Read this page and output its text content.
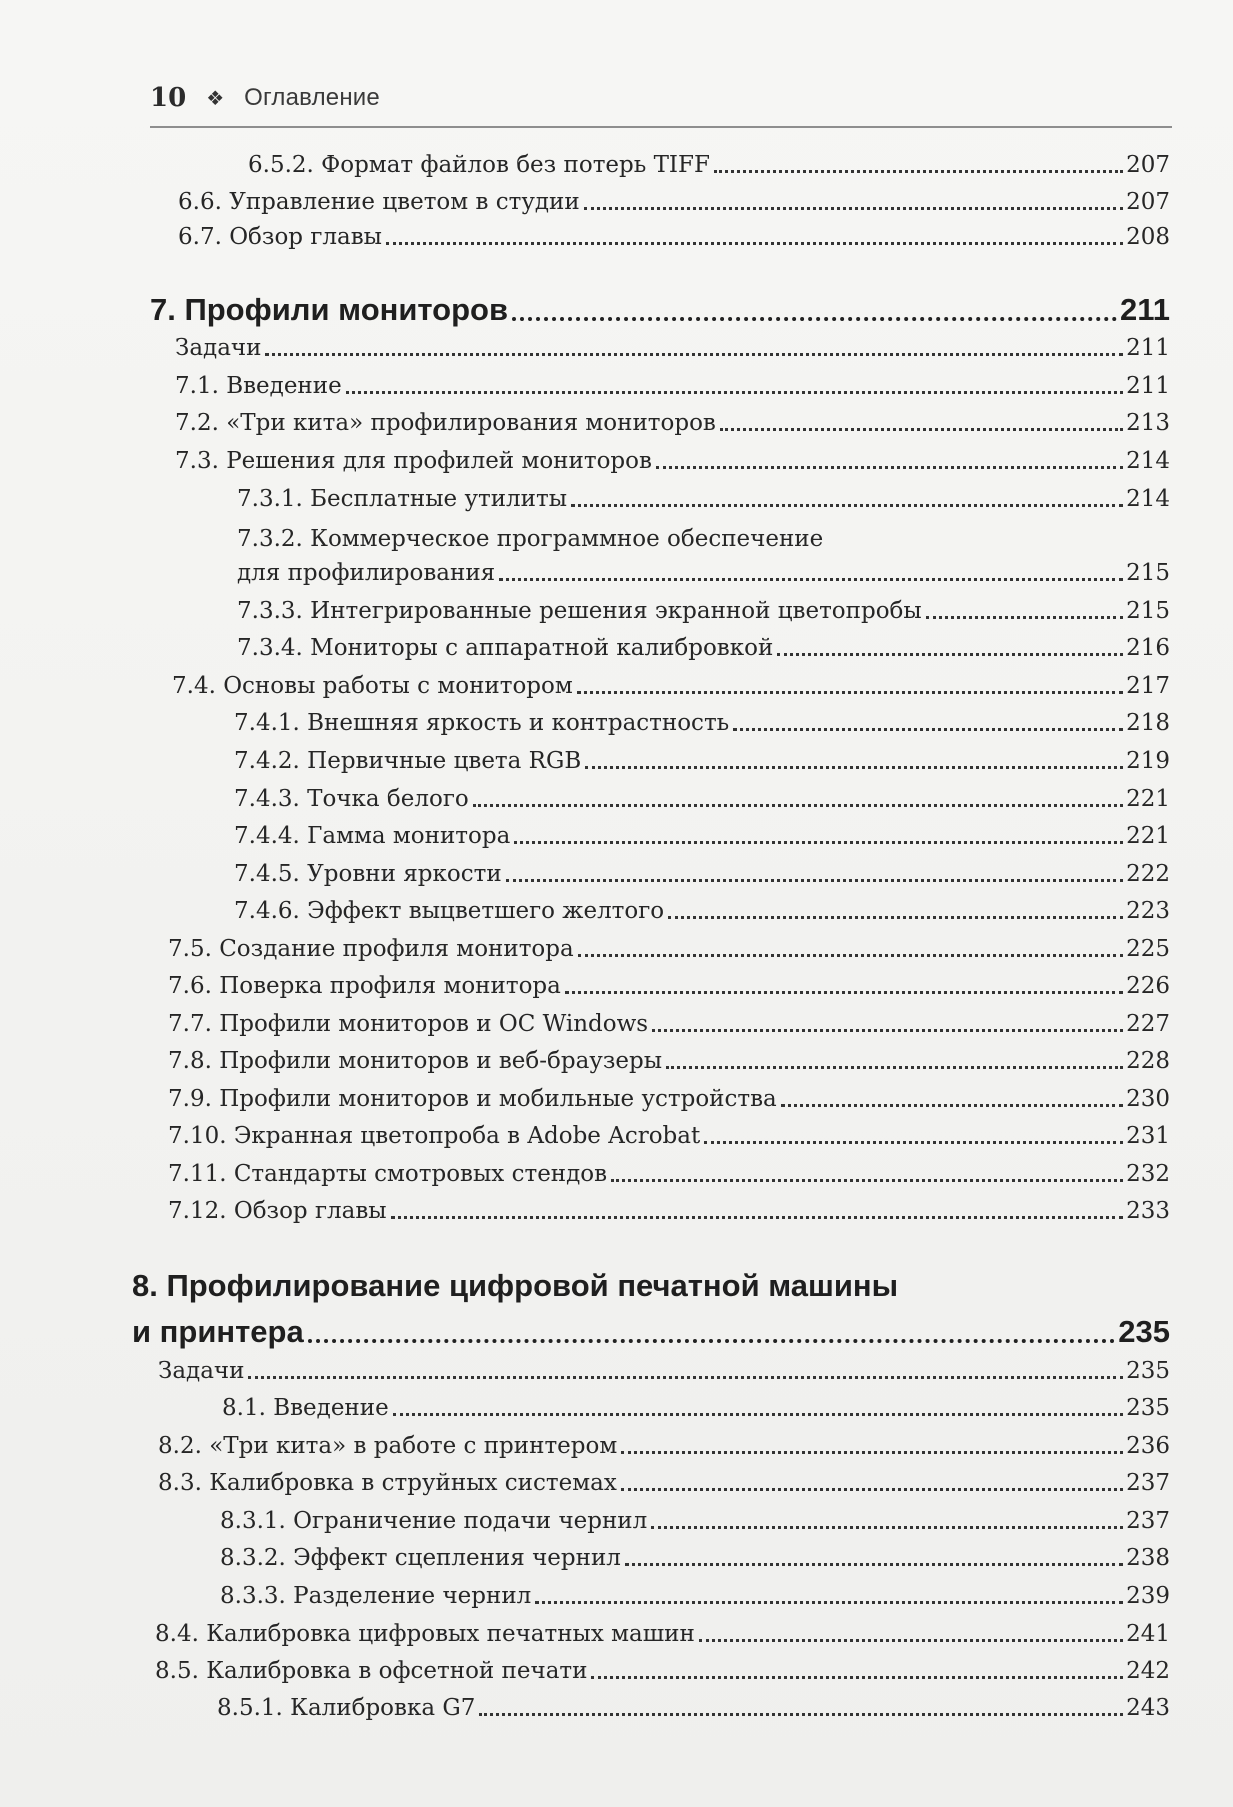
10 ❖ Оглавление
6.5.2. Формат файлов без потерь TIFF	207
6.6. Управление цветом в студии	207
6.7. Обзор главы	208
7. Профили мониторов	211
Задачи	211
7.1. Введение	211
7.2. «Три кита» профилирования мониторов	213
7.3. Решения для профилей мониторов	214
7.3.1. Бесплатные утилиты	214
7.3.2. Коммерческое программное обеспечение
для профилирования	215
7.3.3. Интегрированные решения экранной цветопробы	215
7.3.4. Мониторы с аппаратной калибровкой	216
7.4. Основы работы с монитором	217
7.4.1. Внешняя яркость и контрастность	218
7.4.2. Первичные цвета RGB	219
7.4.3. Точка белого	221
7.4.4. Гамма монитора	221
7.4.5. Уровни яркости	222
7.4.6. Эффект выцветшего желтого	223
7.5. Создание профиля монитора	225
7.6. Поверка профиля монитора	226
7.7. Профили мониторов и ОС Windows	227
7.8. Профили мониторов и веб-браузеры	228
7.9. Профили мониторов и мобильные устройства	230
7.10. Экранная цветопроба в Adobe Acrobat	231
7.11. Стандарты смотровых стендов	232
7.12. Обзор главы	233
8. Профилирование цифровой печатной машины
и принтера	235
Задачи	235
8.1. Введение	235
8.2. «Три кита» в работе с принтером	236
8.3. Калибровка в струйных системах	237
8.3.1. Ограничение подачи чернил	237
8.3.2. Эффект сцепления чернил	238
8.3.3. Разделение чернил	239
8.4. Калибровка цифровых печатных машин	241
8.5. Калибровка в офсетной печати	242
8.5.1. Калибровка G7	243
